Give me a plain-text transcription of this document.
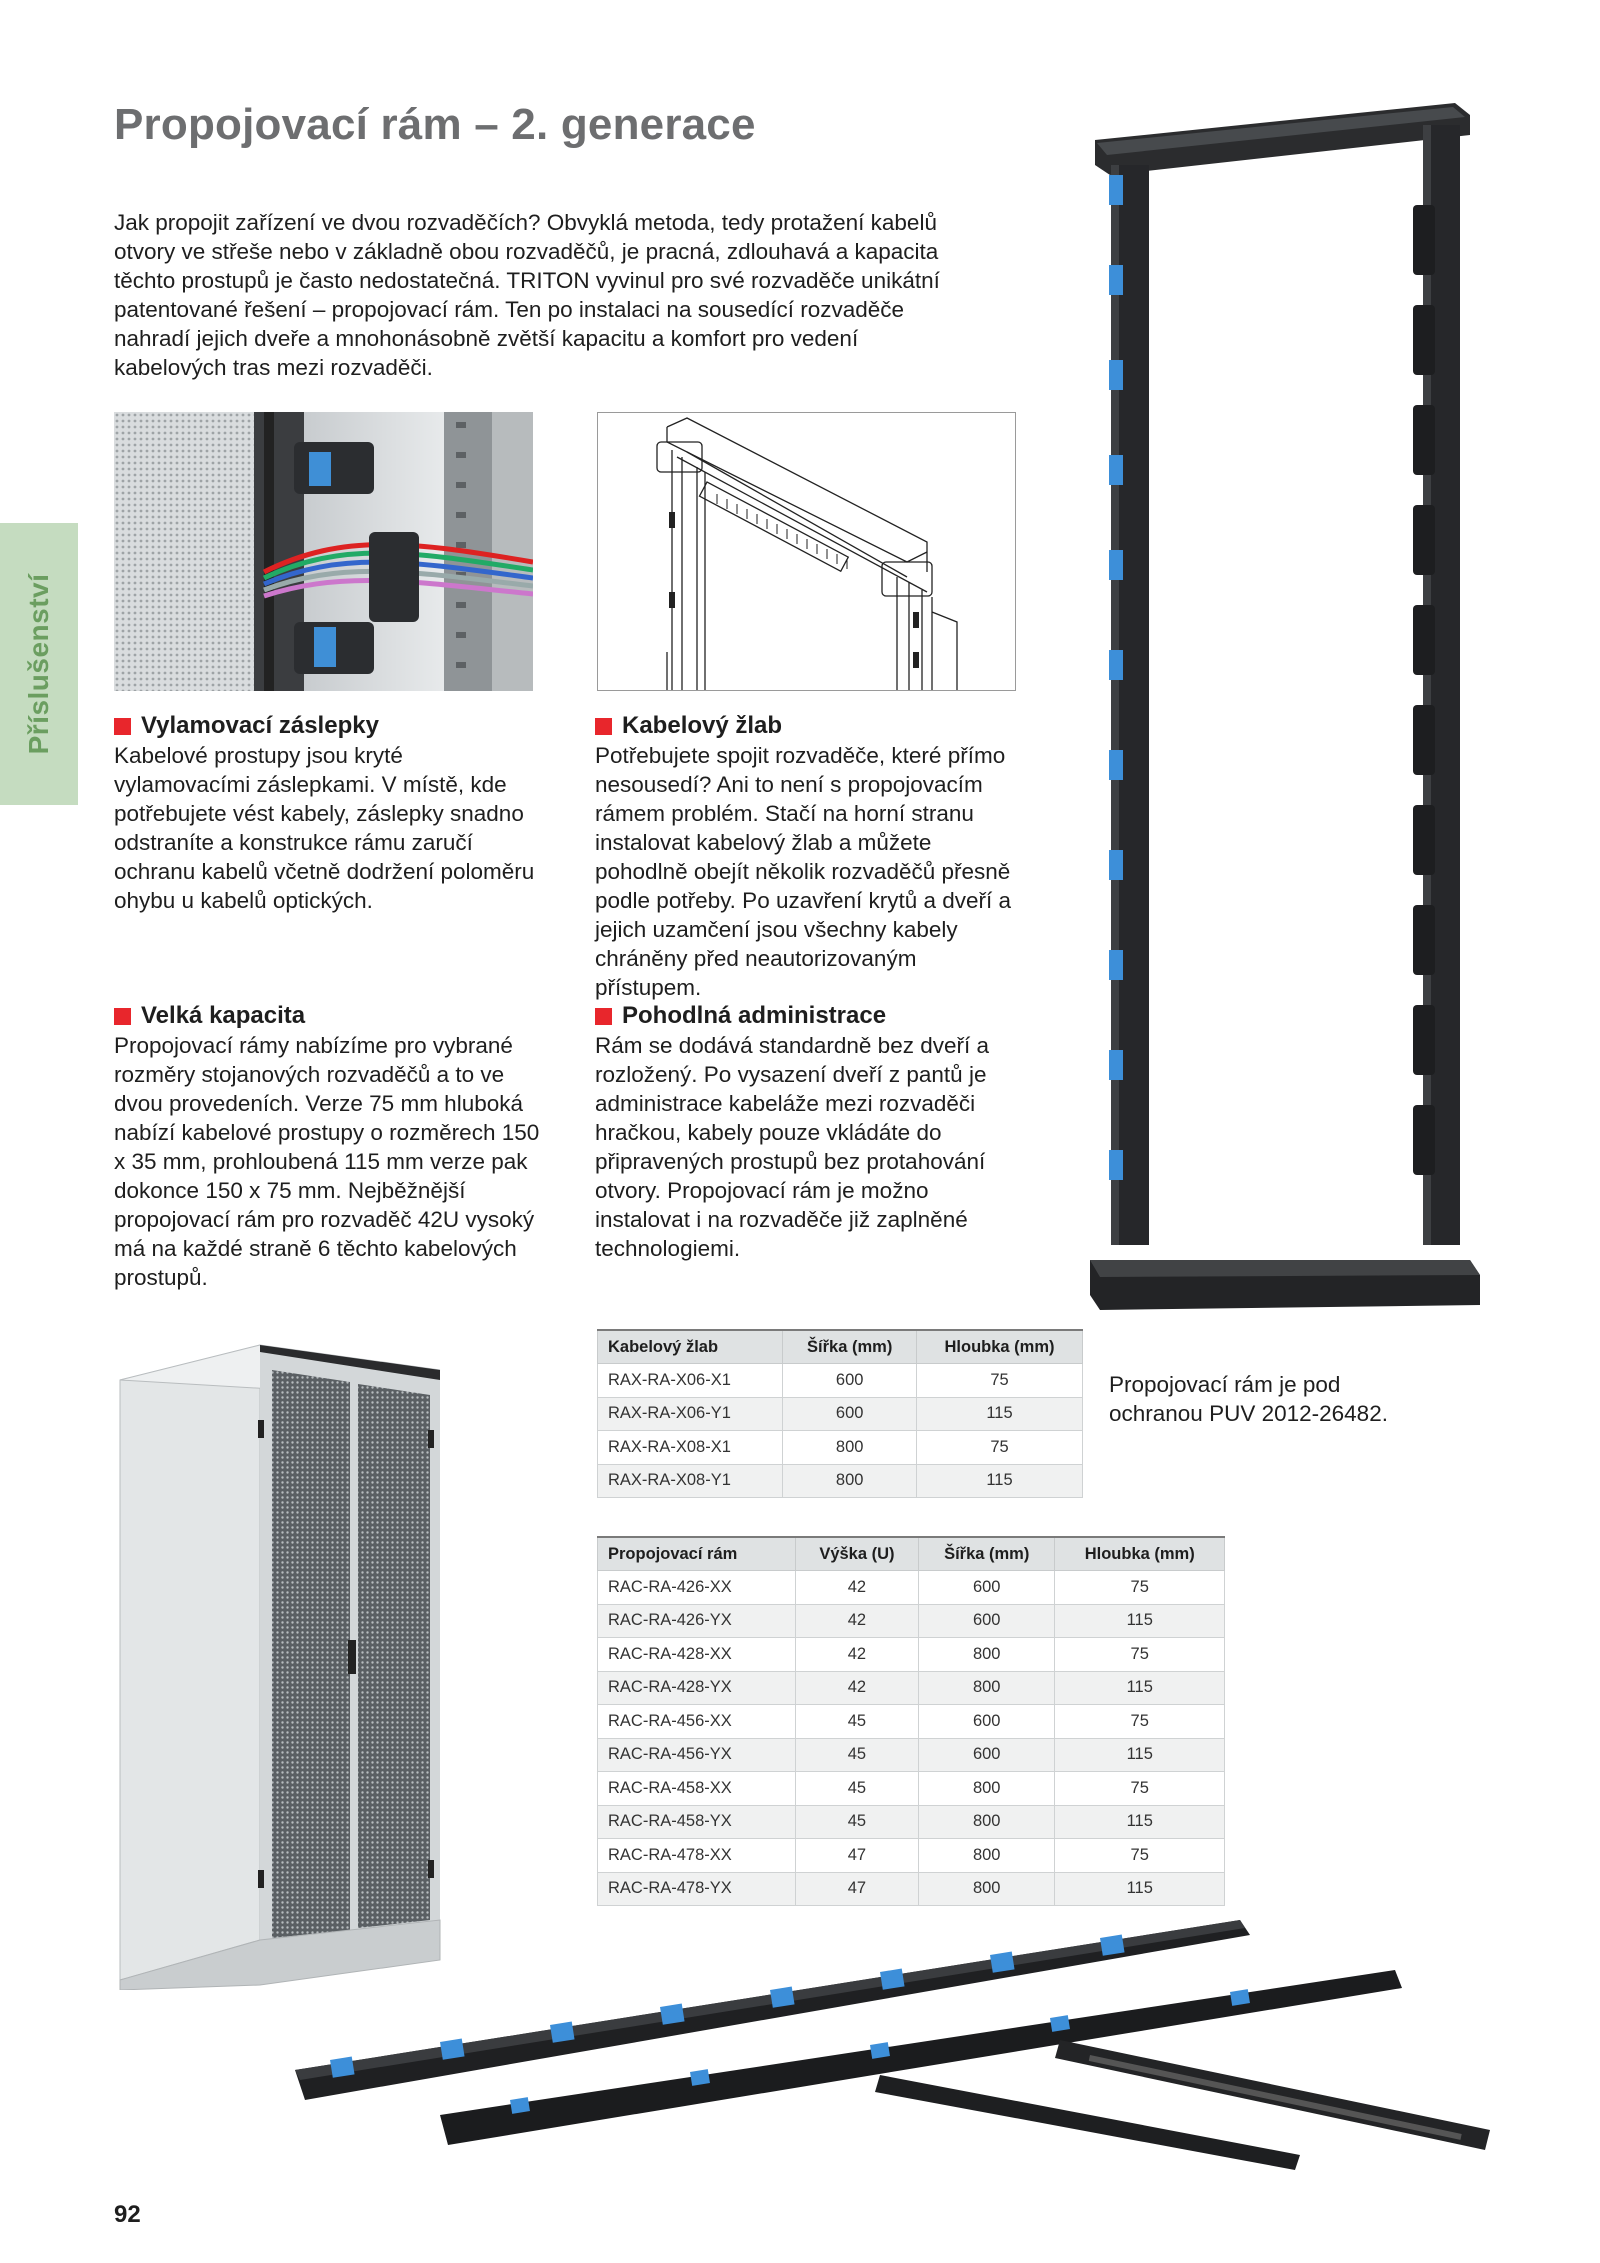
Propojovací rám – 2. generace

Jak propojit zařízení ve dvou rozvaděčích? Obvyklá metoda, tedy protažení kabelů otvory ve střeše nebo v základně obou rozvaděčů, je pracná, zdlouhavá a kapacita těchto prostupů je často nedostatečná. TRITON vyvinul pro své rozvaděče unikátní patentované řešení – propojovací rám. Ten po instalaci na sousedící rozvaděče nahradí jejich dveře a mnohonásobně zvětší kapacitu a komfort pro vedení kabelových tras mezi rozvaděči.

Příslušenství	Vylamovací záslepky

Kabelové prostupy jsou kryté vylamovacími záslepkami. V místě, kde potřebujete vést kabely, záslepky snadno odstraníte a konstrukce rámu zaručí ochranu kabelů včetně dodržení poloměru ohybu u kabelů optických.

Kabelový žlab

Potřebujete spojit rozvaděče, které přímo nesousedí? Ani to není s propojovacím rámem problém. Stačí na horní stranu instalovat kabelový žlab a můžete pohodlně obejít několik rozvaděčů přesně podle potřeby. Po uzavření krytů a dveří a jejich uzamčení jsou všechny kabely chráněny před neautorizovaným přístupem.

Velká kapacita

Propojovací rámy nabízíme pro vybrané rozměry stojanových rozvaděčů a to ve dvou provedeních. Verze 75 mm hluboká nabízí kabelové prostupy o rozměrech 150 x 35 mm, prohloubená 115 mm verze pak dokonce 150 x 75 mm. Nejběžnější propojovací rám pro rozvaděč 42U vysoký má na každé straně 6 těchto kabelových prostupů.

Pohodlná administrace

Rám se dodává standardně bez dveří a rozložený. Po vysazení dveří z pantů je administrace kabeláže mezi rozvaděči hračkou, kabely pouze vkládáte do připravených prostupů bez protahování otvory. Propojovací rám je možno instalovat i na rozvaděče již zaplněné technologiemi.

Kabelový žlab	Šířka (mm)	Hloubka (mm)
RAX-RA-X06-X1	600	75
RAX-RA-X06-Y1	600	115
RAX-RA-X08-X1	800	75
RAX-RA-X08-Y1	800	115

Propojovací rám je pod ochranou PUV 2012-26482.

Propojovací rám	Výška (U)	Šířka (mm)	Hloubka (mm)
RAC-RA-426-XX	42	600	75
RAC-RA-426-YX	42	600	115
RAC-RA-428-XX	42	800	75
RAC-RA-428-YX	42	800	115
RAC-RA-456-XX	45	600	75
RAC-RA-456-YX	45	600	115
RAC-RA-458-XX	45	800	75
RAC-RA-458-YX	45	800	115
RAC-RA-478-XX	47	800	75
RAC-RA-478-YX	47	800	115
92
